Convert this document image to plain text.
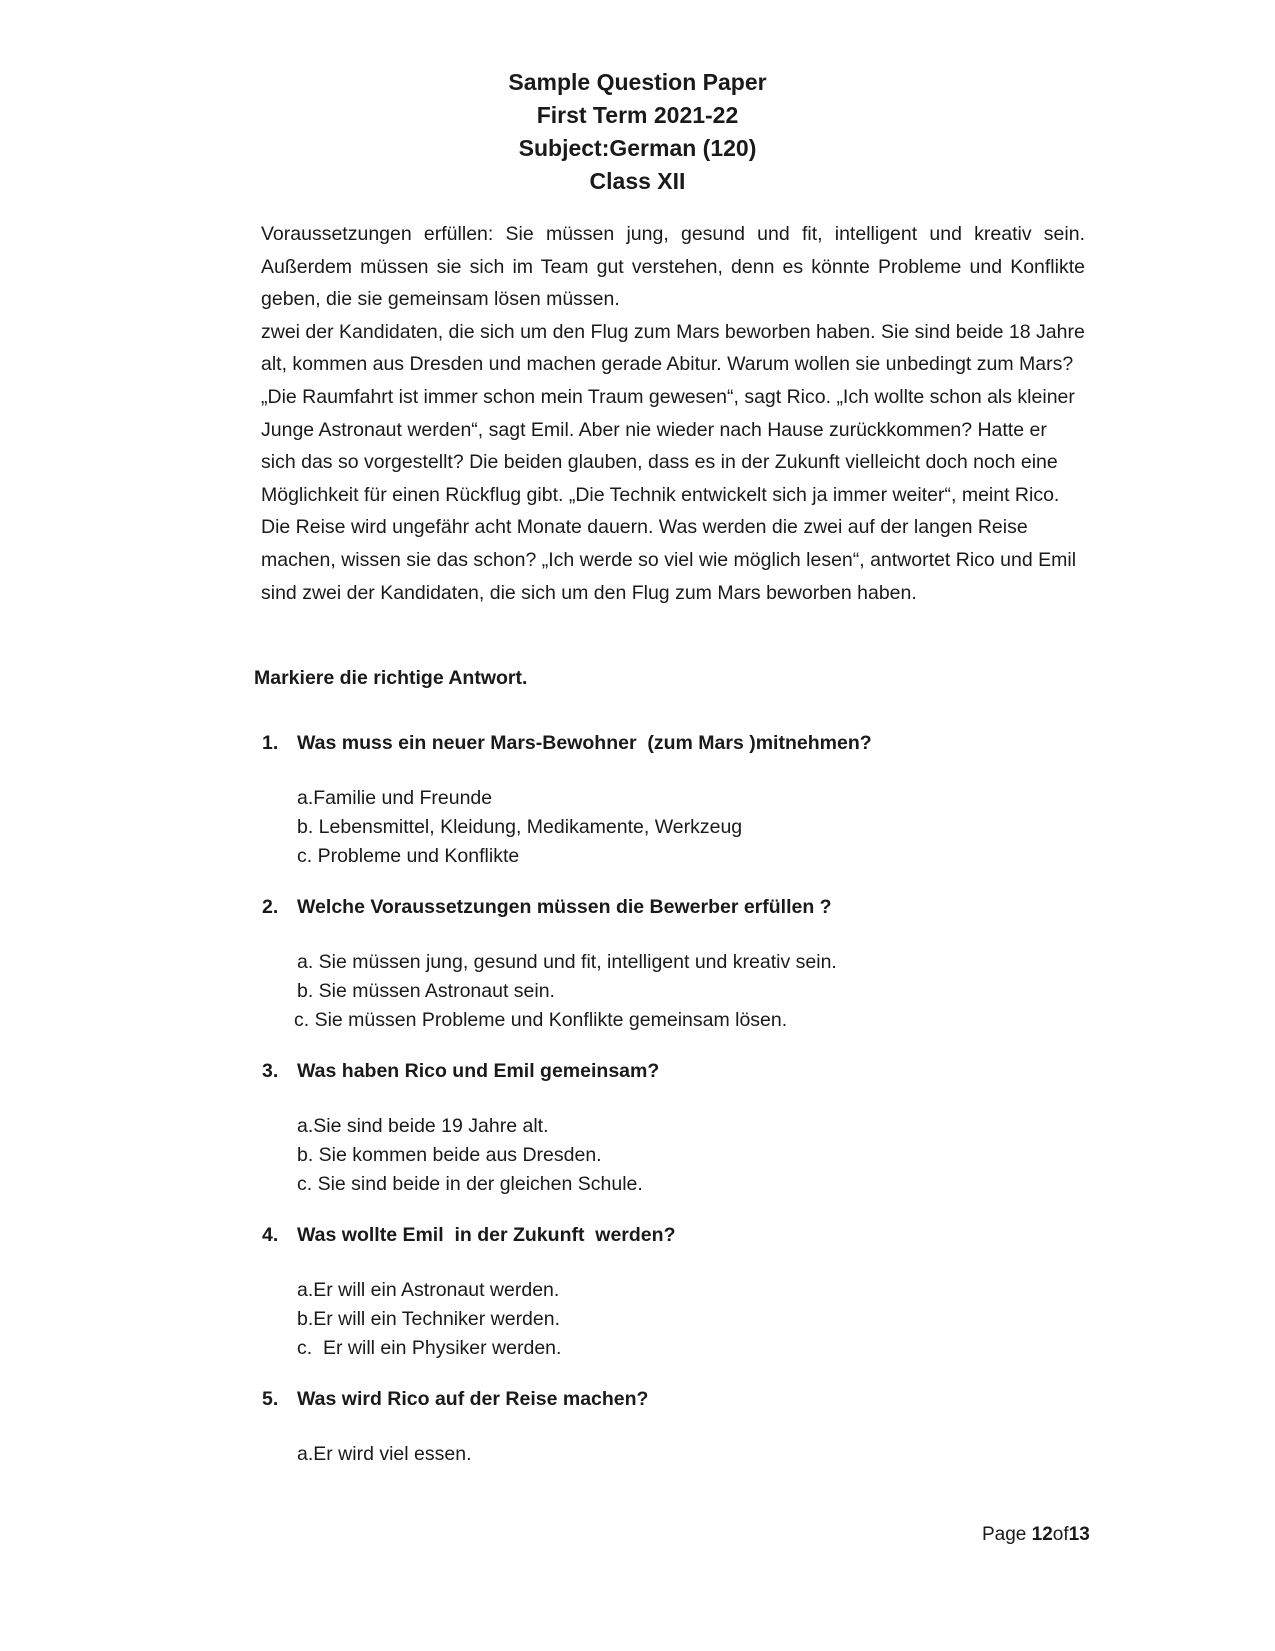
Sample Question Paper
First Term 2021-22
Subject:German (120)
Class XII

Voraussetzungen erfüllen: Sie müssen jung, gesund und fit, intelligent und kreativ sein. Außerdem müssen sie sich im Team gut verstehen, denn es könnte Probleme und Konflikte geben, die sie gemeinsam lösen müssen.

zwei der Kandidaten, die sich um den Flug zum Mars beworben haben. Sie sind beide 18 Jahre alt, kommen aus Dresden und machen gerade Abitur. Warum wollen sie unbedingt zum Mars? „Die Raumfahrt ist immer schon mein Traum gewesen“, sagt Rico. „Ich wollte schon als kleiner Junge Astronaut werden“, sagt Emil. Aber nie wieder nach Hause zurückkommen? Hatte er sich das so vorgestellt? Die beiden glauben, dass es in der Zukunft vielleicht doch noch eine Möglichkeit für einen Rückflug gibt. „Die Technik entwickelt sich ja immer weiter“, meint Rico. Die Reise wird ungefähr acht Monate dauern. Was werden die zwei auf der langen Reise machen, wissen sie das schon? „Ich werde so viel wie möglich lesen“, antwortet Rico und Emil sind zwei der Kandidaten, die sich um den Flug zum Mars beworben haben.

Markiere die richtige Antwort.
1. Was muss ein neuer Mars-Bewohner  (zum Mars )mitnehmen?
a.Familie und Freunde
b. Lebensmittel, Kleidung, Medikamente, Werkzeug
c. Probleme und Konflikte
2. Welche Voraussetzungen müssen die Bewerber erfüllen ?
a. Sie müssen jung, gesund und fit, intelligent und kreativ sein.
b. Sie müssen Astronaut sein.
c. Sie müssen Probleme und Konflikte gemeinsam lösen.
3. Was haben Rico und Emil gemeinsam?
a.Sie sind beide 19 Jahre alt.
b. Sie kommen beide aus Dresden.
c. Sie sind beide in der gleichen Schule.
4. Was wollte Emil  in der Zukunft  werden?
a.Er will ein Astronaut werden.
b.Er will ein Techniker werden.
c.  Er will ein Physiker werden.
5. Was wird Rico auf der Reise machen?
a.Er wird viel essen.
Page 12of13
